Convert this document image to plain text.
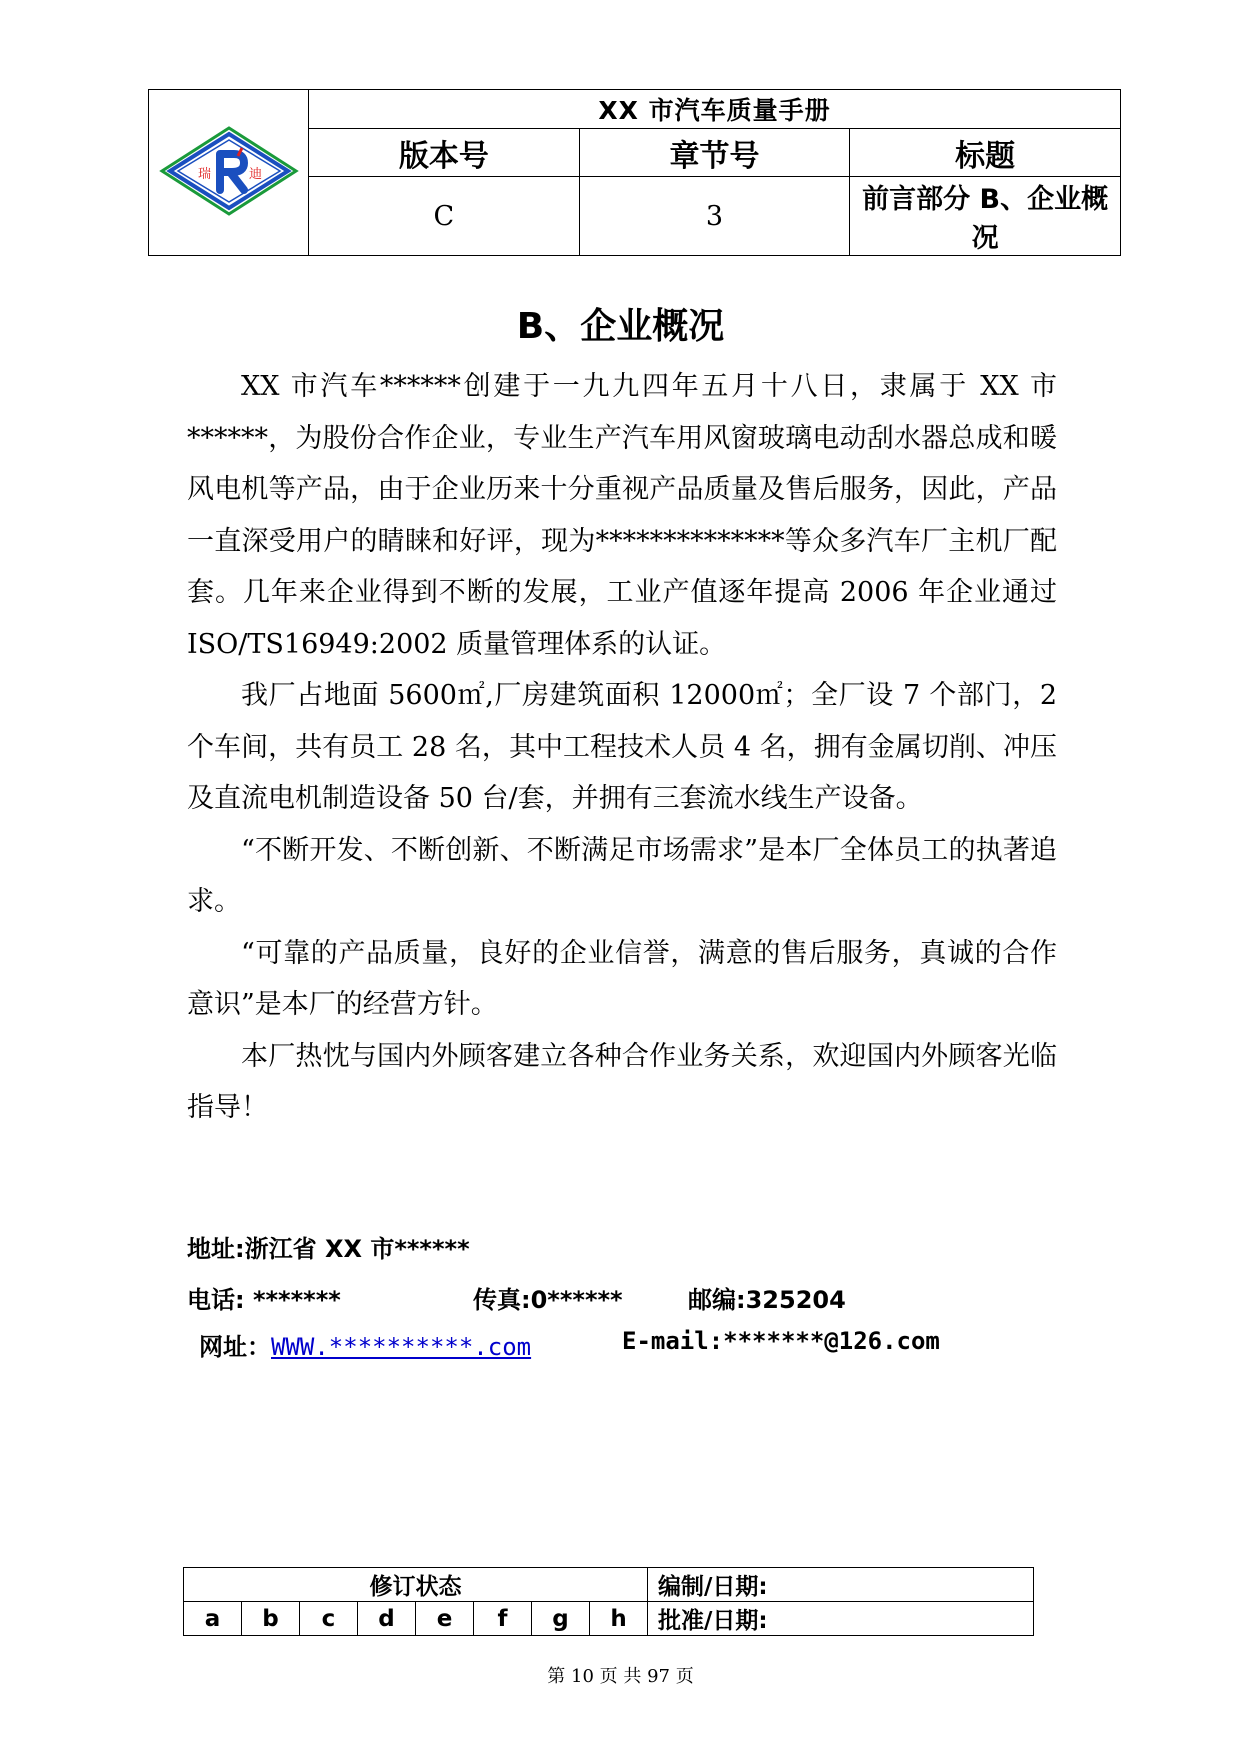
瑞 迪	XX 市汽车质量手册		
	版本号	章节号	标题
	C	3	前言部分 B、企业概况
B、企业概况

XX 市汽车******创建于一九九四年五月十八日，隶属于 XX 市******，为股份合作企业，专业生产汽车用风窗玻璃电动刮水器总成和暖风电机等产品，由于企业历来十分重视产品质量及售后服务，因此，产品一直深受用户的睛睐和好评，现为**************等众多汽车厂主机厂配套。几年来企业得到不断的发展，工业产值逐年提高 2006 年企业通过 ISO/TS16949:2002 质量管理体系的认证。

我厂占地面 5600㎡,厂房建筑面积 12000㎡；全厂设 7 个部门，2 个车间，共有员工 28 名，其中工程技术人员 4 名，拥有金属切削、冲压及直流电机制造设备 50 台/套，并拥有三套流水线生产设备。

“不断开发、不断创新、不断满足市场需求”是本厂全体员工的执著追求。

“可靠的产品质量，良好的企业信誉，满意的售后服务，真诚的合作意识”是本厂的经营方针。

本厂热忱与国内外顾客建立各种合作业务关系，欢迎国内外顾客光临指导！

地址:浙江省 XX 市******
电话: *******	传真:0******	邮编:325204
网址：WWW.**********.com	E-mail:*******@126.com
修订状态								编制/日期:
a	b	c	d	e	f	g	h	批准/日期:
第 10 页 共 97 页
